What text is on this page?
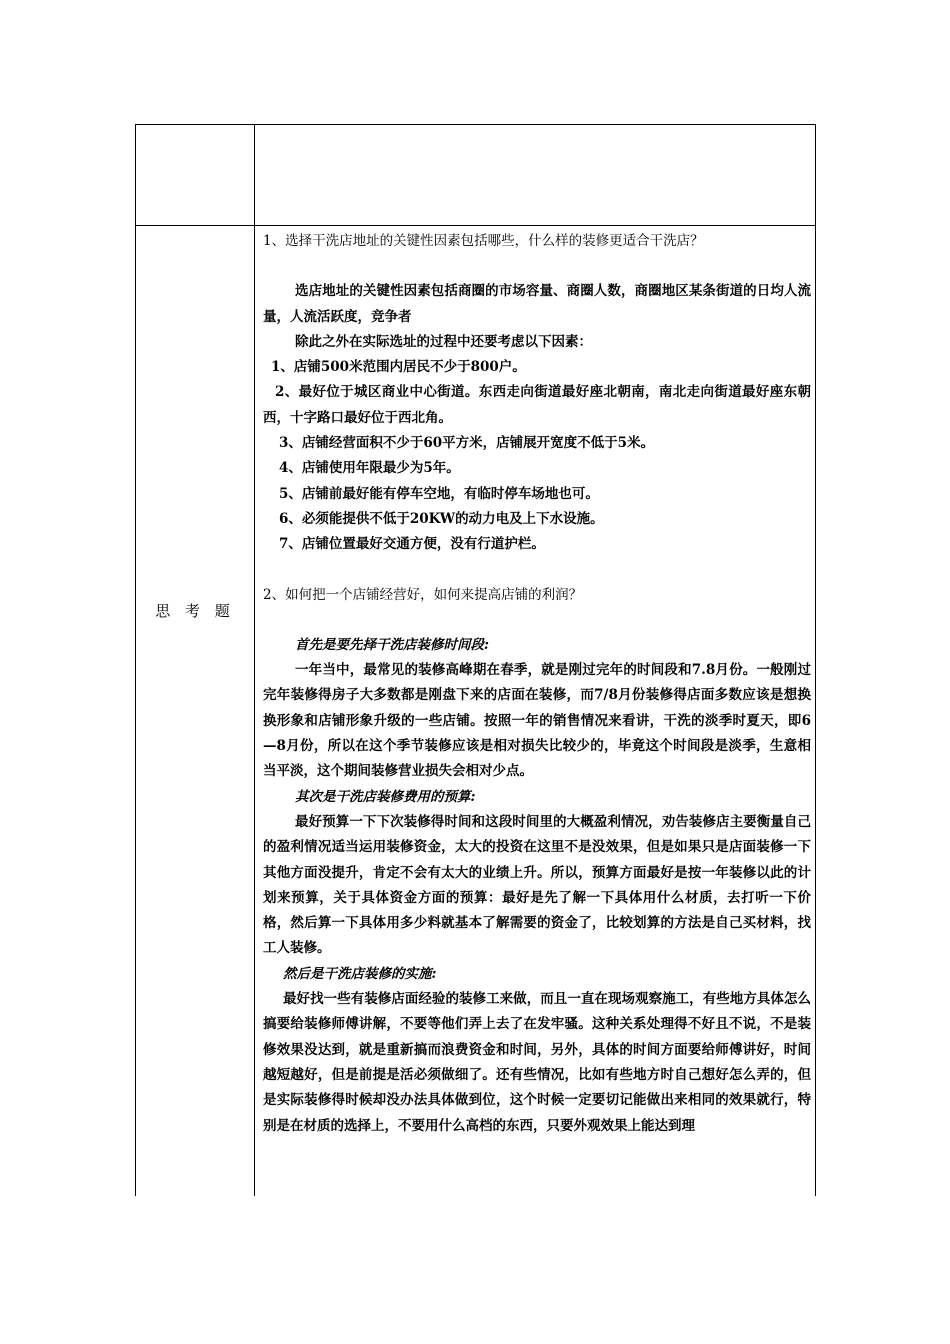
思 考 题

1、选择干洗店地址的关键性因素包括哪些，什么样的装修更适合干洗店？

选店地址的关键性因素包括商圈的市场容量、商圈人数，商圈地区某条街道的日均人流量，人流活跃度，竞争者

除此之外在实际选址的过程中还要考虑以下因素：

1、店铺500米范围内居民不少于800户。

2、最好位于城区商业中心街道。东西走向街道最好座北朝南，南北走向街道最好座东朝西，十字路口最好位于西北角。

3、店铺经营面积不少于60平方米，店铺展开宽度不低于5米。

4、店铺使用年限最少为5年。

5、店铺前最好能有停车空地，有临时停车场地也可。

6、必须能提供不低于20KW的动力电及上下水设施。

7、店铺位置最好交通方便，没有行道护栏。

2、如何把一个店铺经营好，如何来提高店铺的利润？

首先是要先择干洗店装修时间段:

一年当中，最常见的装修高峰期在春季，就是刚过完年的时间段和7.8月份。一般刚过完年装修得房子大多数都是刚盘下来的店面在装修，而7/8月份装修得店面多数应该是想换换形象和店铺形象升级的一些店铺。按照一年的销售情况来看讲，干洗的淡季时夏天，即6—8月份，所以在这个季节装修应该是相对损失比较少的，毕竟这个时间段是淡季，生意相当平淡，这个期间装修营业损失会相对少点。

其次是干洗店装修费用的预算:

最好预算一下下次装修得时间和这段时间里的大概盈利情况，劝告装修店主要衡量自己的盈利情况适当运用装修资金，太大的投资在这里不是没效果，但是如果只是店面装修一下其他方面没提升，肯定不会有太大的业绩上升。所以，预算方面最好是按一年装修以此的计划来预算，关于具体资金方面的预算：最好是先了解一下具体用什么材质，去打听一下价格，然后算一下具体用多少料就基本了解需要的资金了，比较划算的方法是自己买材料，找工人装修。

然后是干洗店装修的实施:

最好找一些有装修店面经验的装修工来做，而且一直在现场观察施工，有些地方具体怎么搞要给装修师傅讲解，不要等他们弄上去了在发牢骚。这种关系处理得不好且不说，不是装修效果没达到，就是重新搞而浪费资金和时间，另外，具体的时间方面要给师傅讲好，时间越短越好，但是前提是活必须做细了。还有些情况，比如有些地方时自己想好怎么弄的，但是实际装修得时候却没办法具体做到位，这个时候一定要切记能做出来相同的效果就行，特别是在材质的选择上，不要用什么高档的东西，只要外观效果上能达到理
